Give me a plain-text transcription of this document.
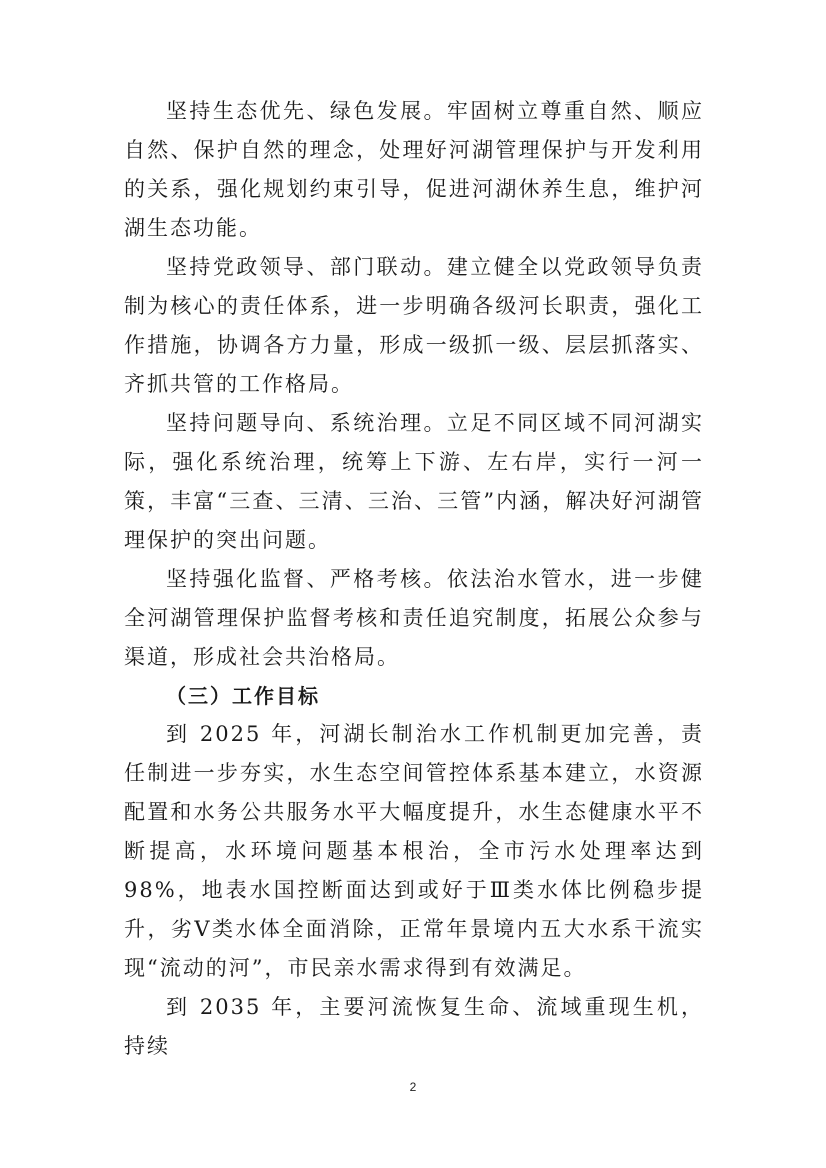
坚持生态优先、绿色发展。牢固树立尊重自然、顺应自然、保护自然的理念，处理好河湖管理保护与开发利用的关系，强化规划约束引导，促进河湖休养生息，维护河湖生态功能。

坚持党政领导、部门联动。建立健全以党政领导负责制为核心的责任体系，进一步明确各级河长职责，强化工作措施，协调各方力量，形成一级抓一级、层层抓落实、齐抓共管的工作格局。

坚持问题导向、系统治理。立足不同区域不同河湖实际，强化系统治理，统筹上下游、左右岸，实行一河一策，丰富“三查、三清、三治、三管”内涵，解决好河湖管理保护的突出问题。

坚持强化监督、严格考核。依法治水管水，进一步健全河湖管理保护监督考核和责任追究制度，拓展公众参与渠道，形成社会共治格局。

（三）工作目标

到 2025 年，河湖长制治水工作机制更加完善，责任制进一步夯实，水生态空间管控体系基本建立，水资源配置和水务公共服务水平大幅度提升，水生态健康水平不断提高，水环境问题基本根治，全市污水处理率达到98%，地表水国控断面达到或好于Ⅲ类水体比例稳步提升，劣Ⅴ类水体全面消除，正常年景境内五大水系干流实现“流动的河”，市民亲水需求得到有效满足。

到 2035 年，主要河流恢复生命、流域重现生机，持续

2
